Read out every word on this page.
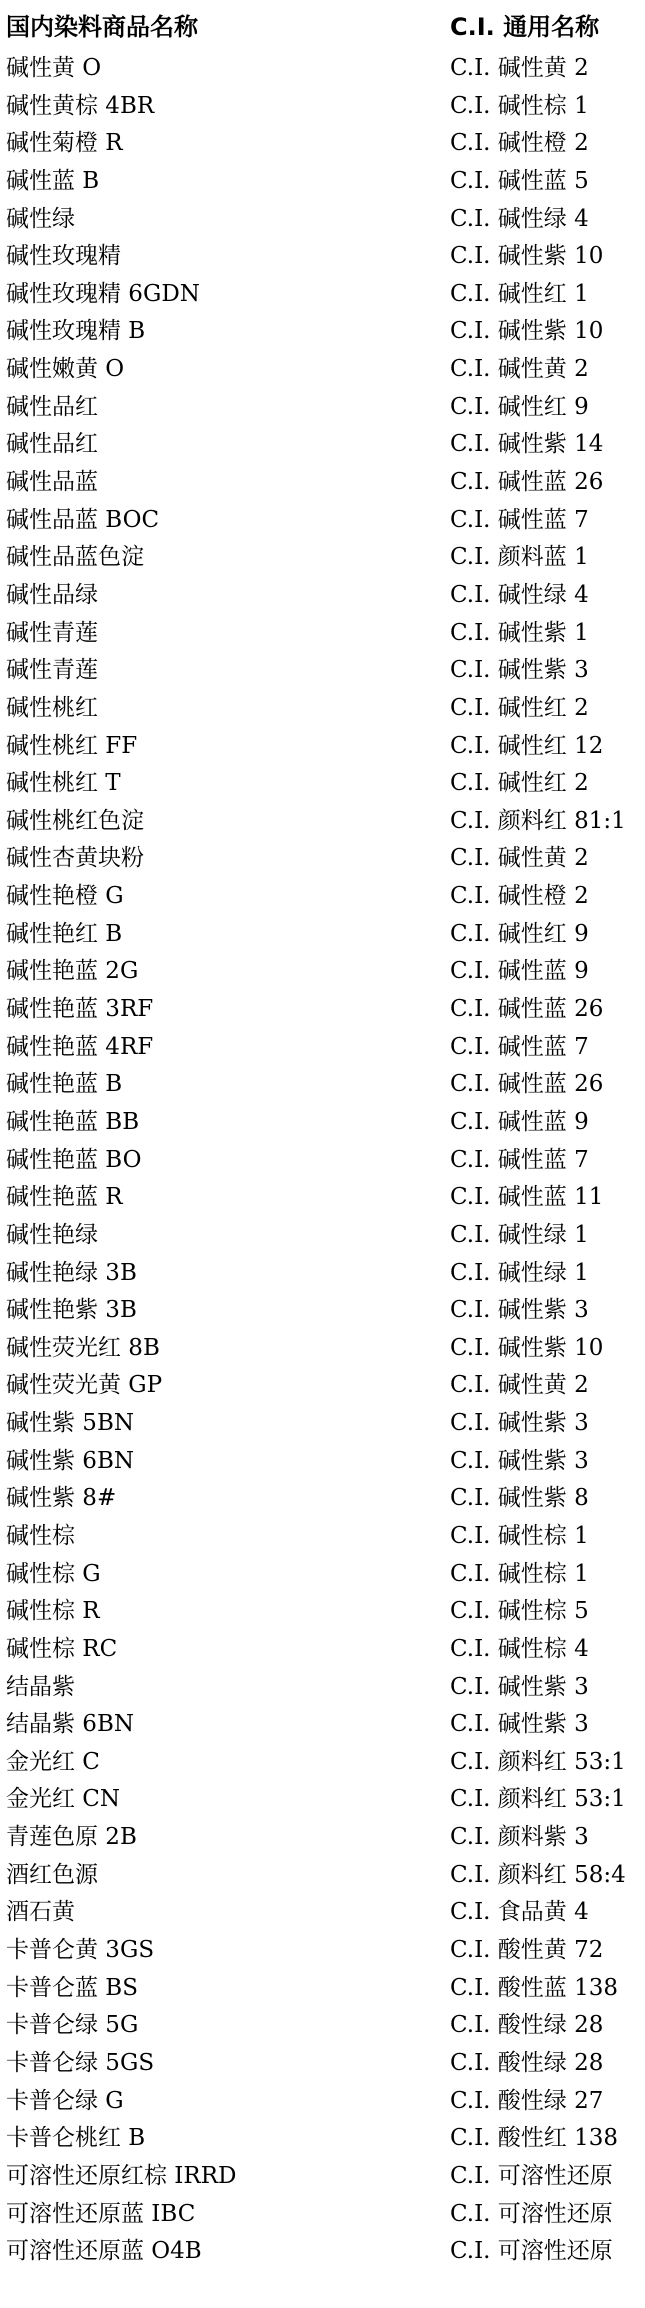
国内染料商品名称	C.I. 通用名称
碱性黄 O	C.I. 碱性黄 2
碱性黄棕 4BR	C.I. 碱性棕 1
碱性菊橙 R	C.I. 碱性橙 2
碱性蓝 B	C.I. 碱性蓝 5
碱性绿	C.I. 碱性绿 4
碱性玫瑰精	C.I. 碱性紫 10
碱性玫瑰精 6GDN	C.I. 碱性红 1
碱性玫瑰精 B	C.I. 碱性紫 10
碱性嫩黄 O	C.I. 碱性黄 2
碱性品红	C.I. 碱性红 9
碱性品红	C.I. 碱性紫 14
碱性品蓝	C.I. 碱性蓝 26
碱性品蓝 BOC	C.I. 碱性蓝 7
碱性品蓝色淀	C.I. 颜料蓝 1
碱性品绿	C.I. 碱性绿 4
碱性青莲	C.I. 碱性紫 1
碱性青莲	C.I. 碱性紫 3
碱性桃红	C.I. 碱性红 2
碱性桃红 FF	C.I. 碱性红 12
碱性桃红 T	C.I. 碱性红 2
碱性桃红色淀	C.I. 颜料红 81:1
碱性杏黄块粉	C.I. 碱性黄 2
碱性艳橙 G	C.I. 碱性橙 2
碱性艳红 B	C.I. 碱性红 9
碱性艳蓝 2G	C.I. 碱性蓝 9
碱性艳蓝 3RF	C.I. 碱性蓝 26
碱性艳蓝 4RF	C.I. 碱性蓝 7
碱性艳蓝 B	C.I. 碱性蓝 26
碱性艳蓝 BB	C.I. 碱性蓝 9
碱性艳蓝 BO	C.I. 碱性蓝 7
碱性艳蓝 R	C.I. 碱性蓝 11
碱性艳绿	C.I. 碱性绿 1
碱性艳绿 3B	C.I. 碱性绿 1
碱性艳紫 3B	C.I. 碱性紫 3
碱性荧光红 8B	C.I. 碱性紫 10
碱性荧光黄 GP	C.I. 碱性黄 2
碱性紫 5BN	C.I. 碱性紫 3
碱性紫 6BN	C.I. 碱性紫 3
碱性紫 8#	C.I. 碱性紫 8
碱性棕	C.I. 碱性棕 1
碱性棕 G	C.I. 碱性棕 1
碱性棕 R	C.I. 碱性棕 5
碱性棕 RC	C.I. 碱性棕 4
结晶紫	C.I. 碱性紫 3
结晶紫 6BN	C.I. 碱性紫 3
金光红 C	C.I. 颜料红 53:1
金光红 CN	C.I. 颜料红 53:1
青莲色原 2B	C.I. 颜料紫 3
酒红色源	C.I. 颜料红 58:4
酒石黄	C.I. 食品黄 4
卡普仑黄 3GS	C.I. 酸性黄 72
卡普仑蓝 BS	C.I. 酸性蓝 138
卡普仑绿 5G	C.I. 酸性绿 28
卡普仑绿 5GS	C.I. 酸性绿 28
卡普仑绿 G	C.I. 酸性绿 27
卡普仑桃红 B	C.I. 酸性红 138
可溶性还原红棕 IRRD	C.I. 可溶性还原
可溶性还原蓝 IBC	C.I. 可溶性还原
可溶性还原蓝 O4B	C.I. 可溶性还原
